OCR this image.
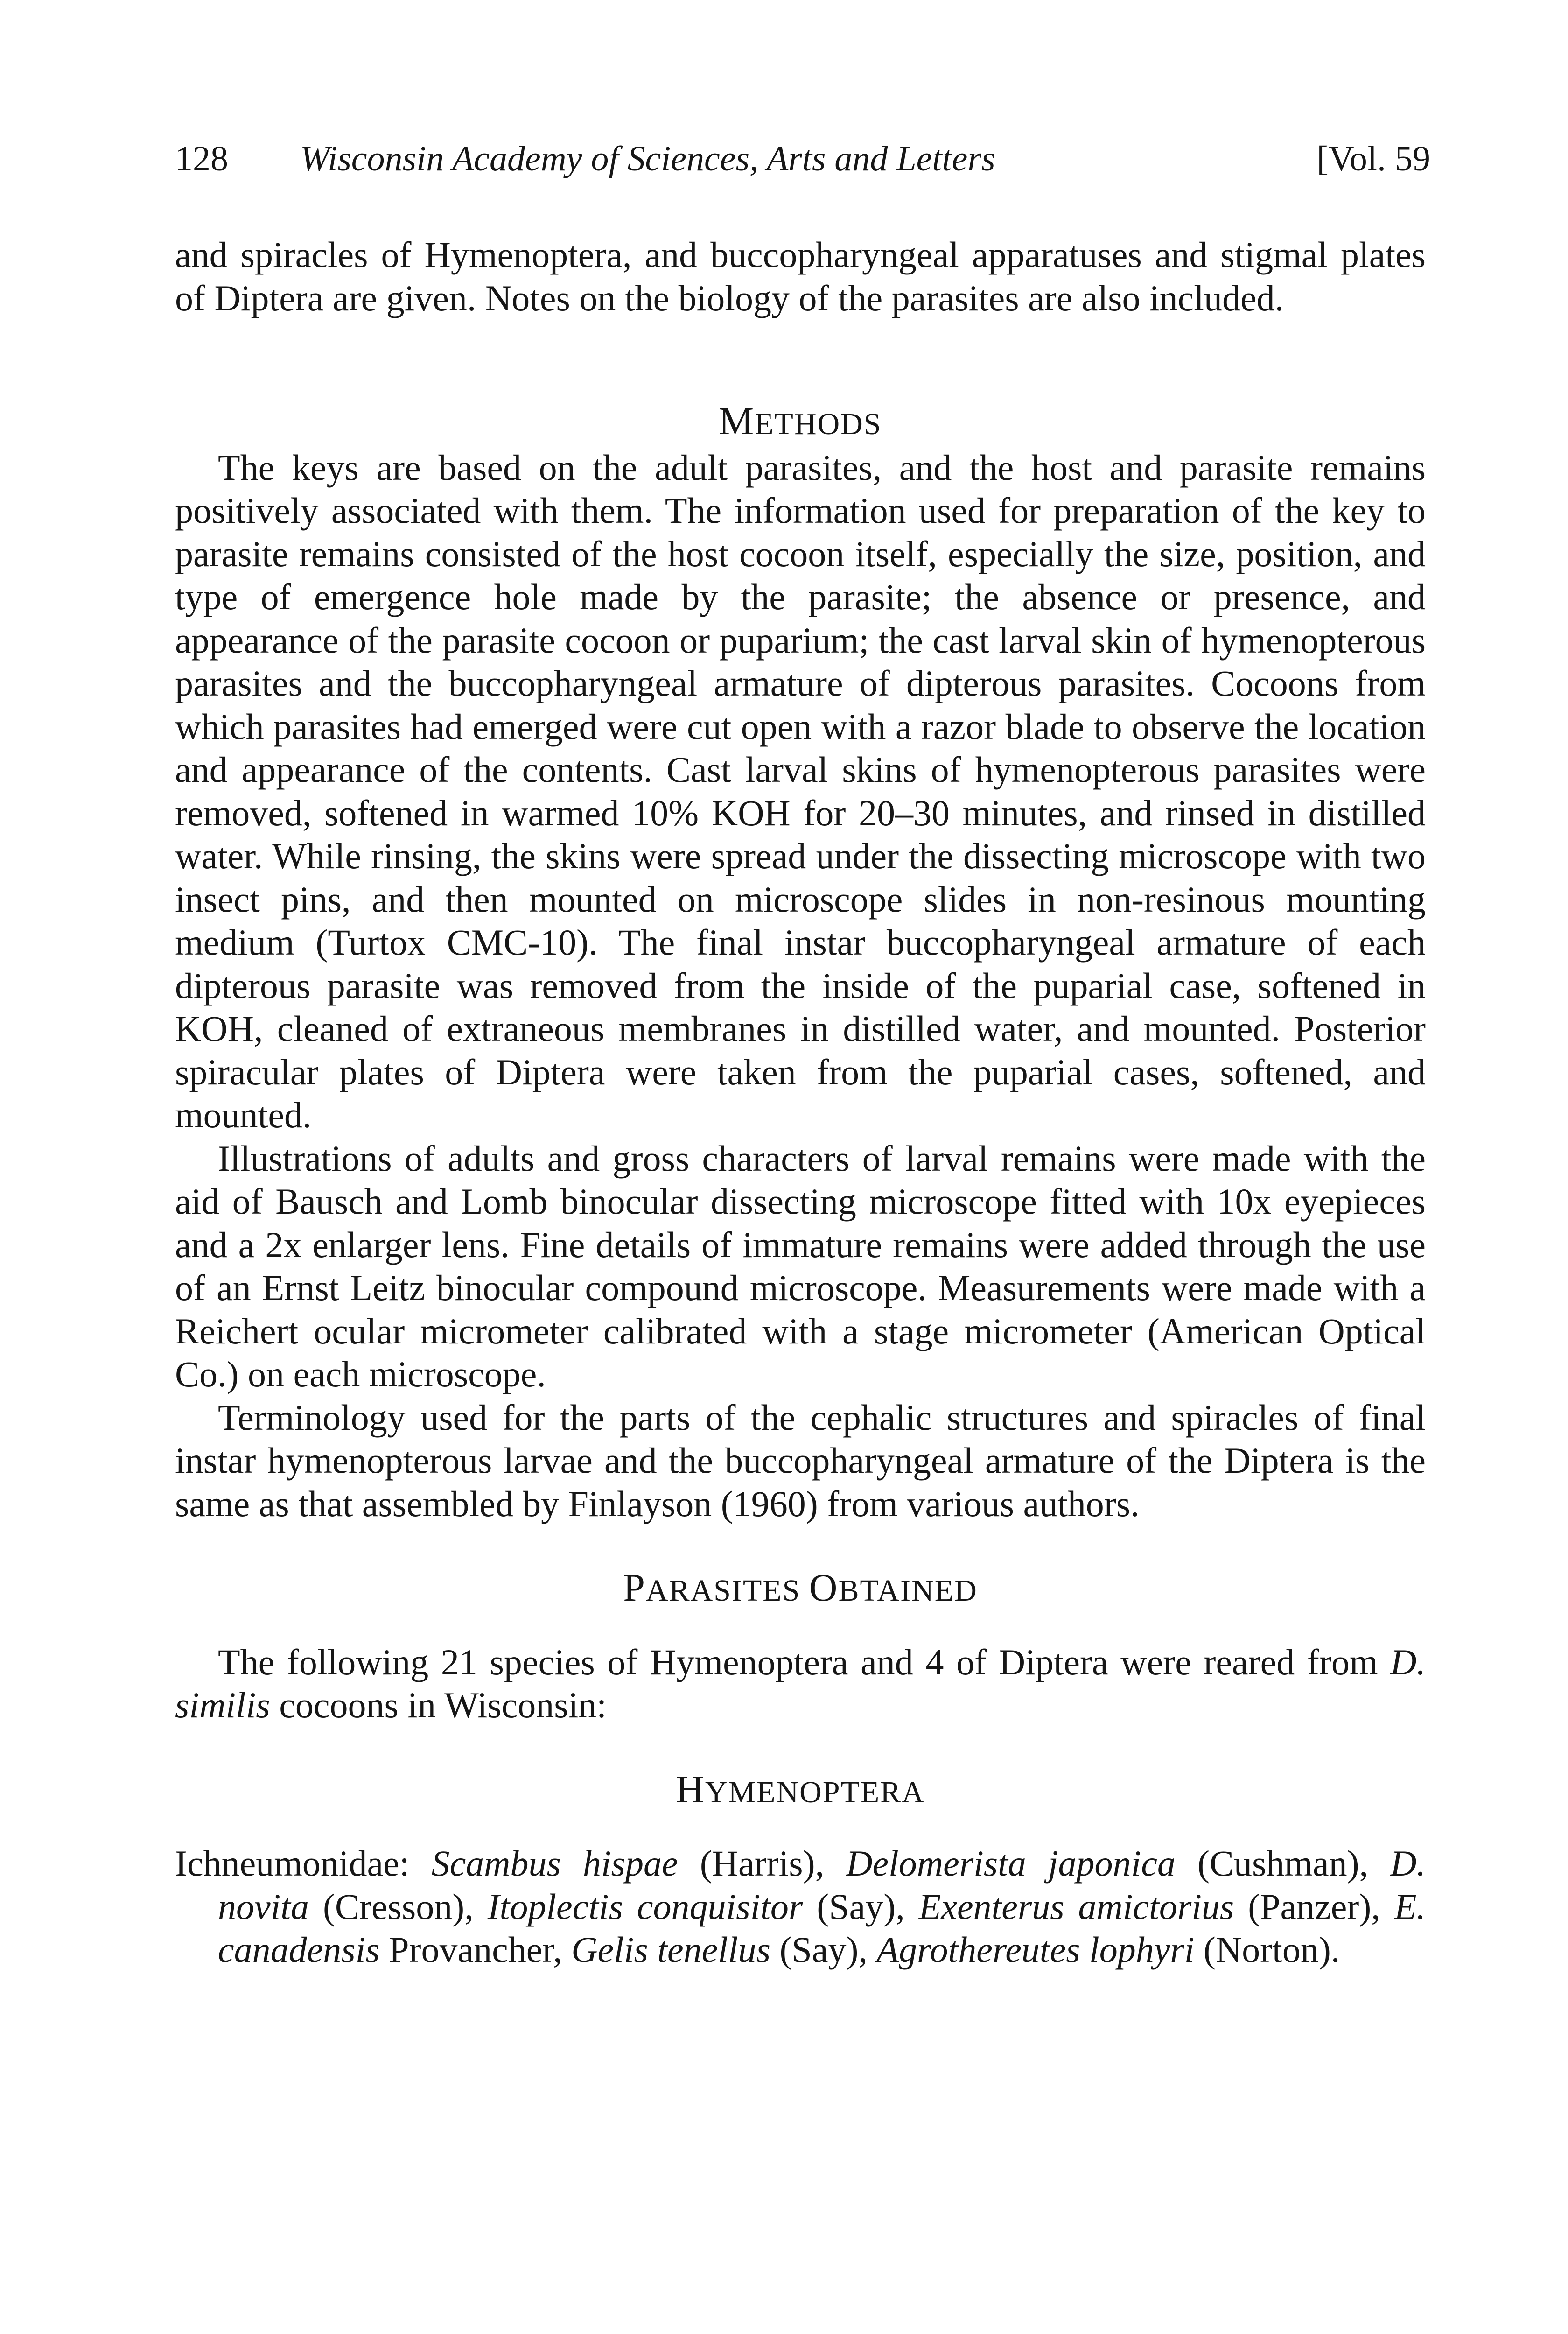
128 Wisconsin Academy of Sciences, Arts and Letters	[Vol. 59

and spiracles of Hymenoptera, and buccopharyngeal apparatuses and stigmal plates of Diptera are given. Notes on the biology of the parasites are also included.

METHODS

The keys are based on the adult parasites, and the host and parasite remains positively associated with them. The information used for preparation of the key to parasite remains consisted of the host cocoon itself, especially the size, position, and type of emergence hole made by the parasite; the absence or presence, and appearance of the parasite cocoon or puparium; the cast larval skin of hymenopterous parasites and the buccopharyngeal armature of dipterous parasites. Cocoons from which parasites had emerged were cut open with a razor blade to observe the location and appearance of the contents. Cast larval skins of hymenopterous parasites were removed, softened in warmed 10% KOH for 20–30 minutes, and rinsed in distilled water. While rinsing, the skins were spread under the dissecting microscope with two insect pins, and then mounted on microscope slides in non-resinous mounting medium (Turtox CMC-10). The final instar buccopharyngeal armature of each dipterous parasite was removed from the inside of the puparial case, softened in KOH, cleaned of extraneous membranes in distilled water, and mounted. Posterior spiracular plates of Diptera were taken from the puparial cases, softened, and mounted.

Illustrations of adults and gross characters of larval remains were made with the aid of Bausch and Lomb binocular dissecting microscope fitted with 10x eyepieces and a 2x enlarger lens. Fine details of immature remains were added through the use of an Ernst Leitz binocular compound microscope. Measurements were made with a Reichert ocular micrometer calibrated with a stage micrometer (American Optical Co.) on each microscope.

Terminology used for the parts of the cephalic structures and spiracles of final instar hymenopterous larvae and the buccopharyngeal armature of the Diptera is the same as that assembled by Finlayson (1960) from various authors.

PARASITES OBTAINED

The following 21 species of Hymenoptera and 4 of Diptera were reared from D. similis cocoons in Wisconsin:

HYMENOPTERA

Ichneumonidae: Scambus hispae (Harris), Delomerista japonica (Cushman), D. novita (Cresson), Itoplectis conquisitor (Say), Exenterus amictorius (Panzer), E. canadensis Provancher, Gelis tenellus (Say), Agrothereutes lophyri (Norton).
